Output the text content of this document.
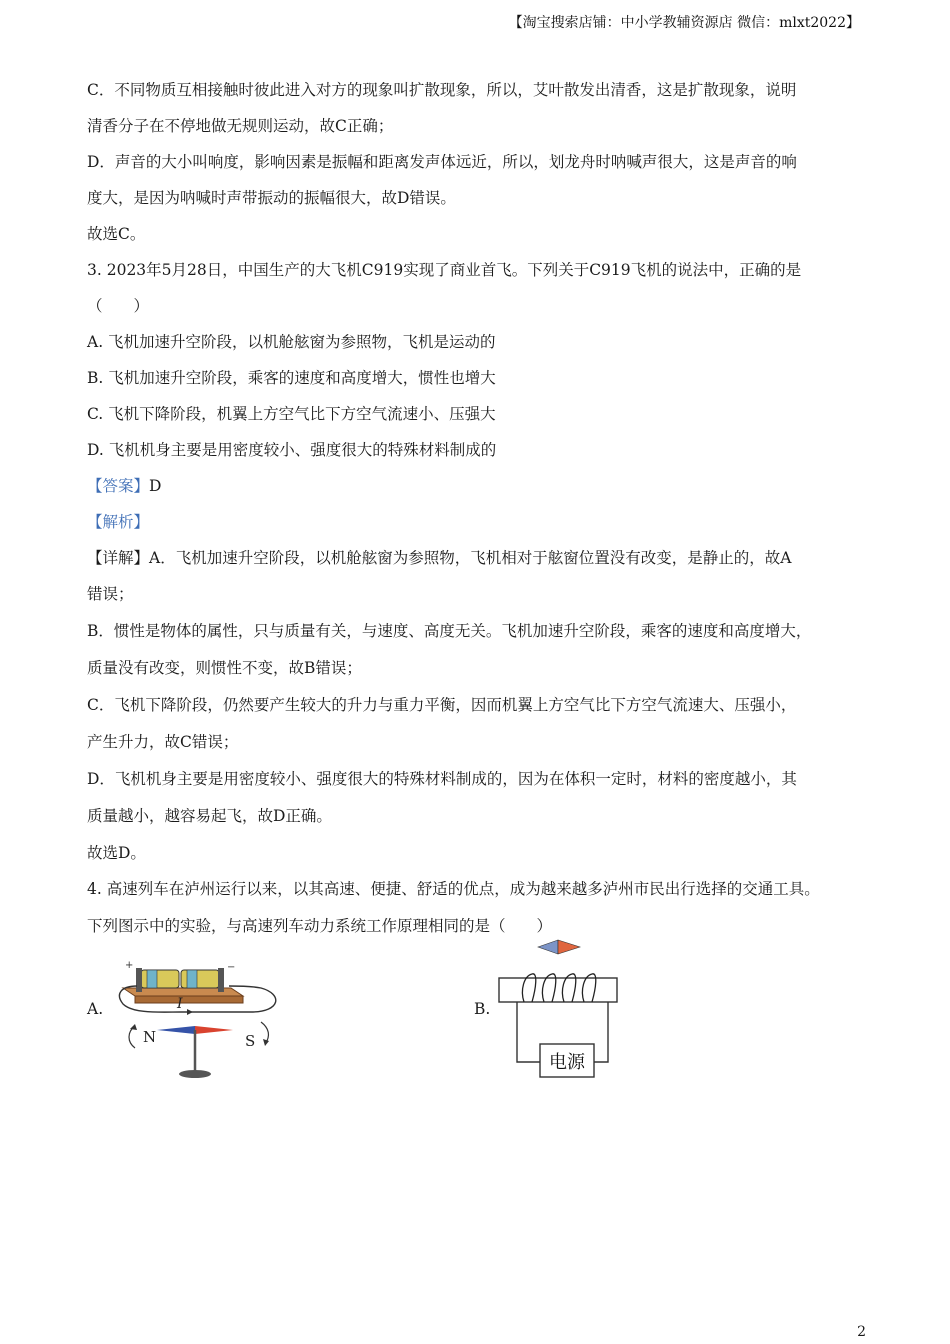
【淘宝搜索店铺：中小学教辅资源店 微信：mlxt2022】
C．不同物质互相接触时彼此进入对方的现象叫扩散现象，所以，艾叶散发出清香，这是扩散现象，说明
清香分子在不停地做无规则运动，故C正确；
D．声音的大小叫响度，影响因素是振幅和距离发声体远近，所以，划龙舟时呐喊声很大，这是声音的响
度大，是因为呐喊时声带振动的振幅很大，故D错误。
故选C。
3. 2023年5月28日，中国生产的大飞机C919实现了商业首飞。下列关于C919飞机的说法中，正确的是
（　　）
A. 飞机加速升空阶段，以机舱舷窗为参照物，飞机是运动的
B. 飞机加速升空阶段，乘客的速度和高度增大，惯性也增大
C. 飞机下降阶段，机翼上方空气比下方空气流速小、压强大
D. 飞机机身主要是用密度较小、强度很大的特殊材料制成的
【答案】D
【解析】
【详解】A．飞机加速升空阶段，以机舱舷窗为参照物，飞机相对于舷窗位置没有改变，是静止的，故A
错误；
B．惯性是物体的属性，只与质量有关，与速度、高度无关。飞机加速升空阶段，乘客的速度和高度增大，
质量没有改变，则惯性不变，故B错误；
C．飞机下降阶段，仍然要产生较大的升力与重力平衡，因而机翼上方空气比下方空气流速大、压强小，
产生升力，故C错误；
D．飞机机身主要是用密度较小、强度很大的特殊材料制成的，因为在体积一定时，材料的密度越小，其
质量越小，越容易起飞，故D正确。
故选D。
4. 高速列车在泸州运行以来，以其高速、便捷、舒适的优点，成为越来越多泸州市民出行选择的交通工具。
下列图示中的实验，与高速列车动力系统工作原理相同的是（　　）
A.
+	−
I
N	S
B.
电源
2
